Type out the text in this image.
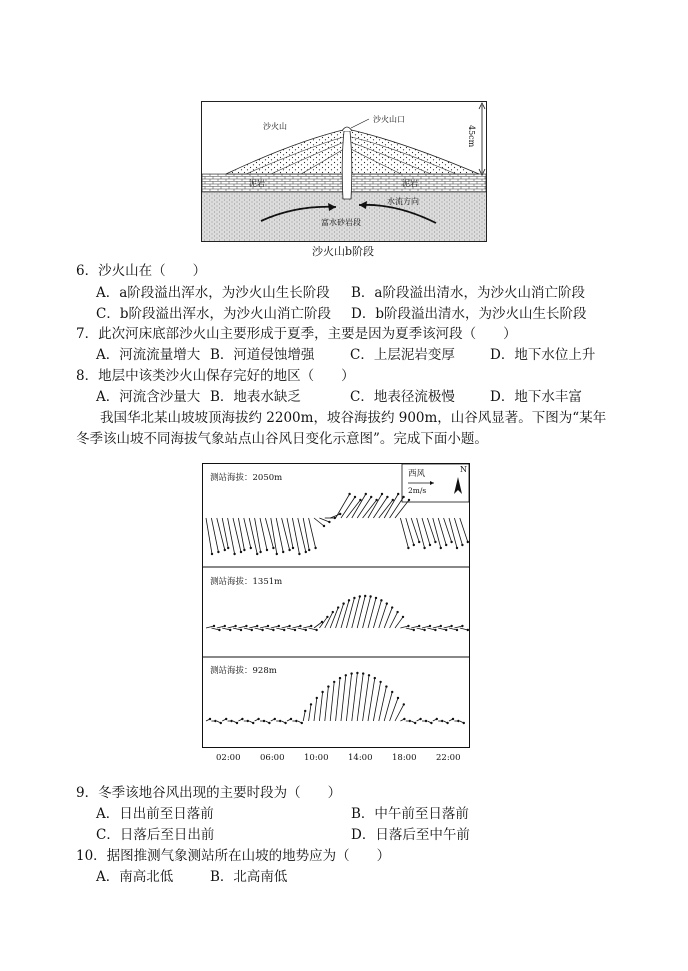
沙火山口
沙火山
泥岩	泥岩
水流方向
富水砂岩段
45cm
沙火山b阶段
6．沙火山在（　　）
A．a阶段溢出浑水，为沙火山生长阶段 B．a阶段溢出清水，为沙火山消亡阶段
C．b阶段溢出浑水，为沙火山消亡阶段 D．b阶段溢出清水，为沙火山生长阶段
7．此次河床底部沙火山主要形成于夏季，主要是因为夏季该河段（　　）
A．河流流量增大 B．河道侵蚀增强	C．上层泥岩变厚	D．地下水位上升
8．地层中该类沙火山保存完好的地区（　　）
A．河流含沙量大 B．地表水缺乏	C．地表径流极慢	D．地下水丰富
我国华北某山坡坡顶海拔约 2200m，坡谷海拔约 900m，山谷风显著。下图为“某年
冬季该山坡不同海拔气象站点山谷风日变化示意图”。完成下面小题。
测站海拔：2050m
测站海拔：1351m
测站海拔：928m
西风
2m/s
N
02:00 06:00 10:00 14:00 18:00 22:00
9．冬季该地谷风出现的主要时段为（　　）
A．日出前至日落前	B．中午前至日落前
C．日落后至日出前	D．日落后至中午前
10．据图推测气象测站所在山坡的地势应为（　　）
A．南高北低	B．北高南低
